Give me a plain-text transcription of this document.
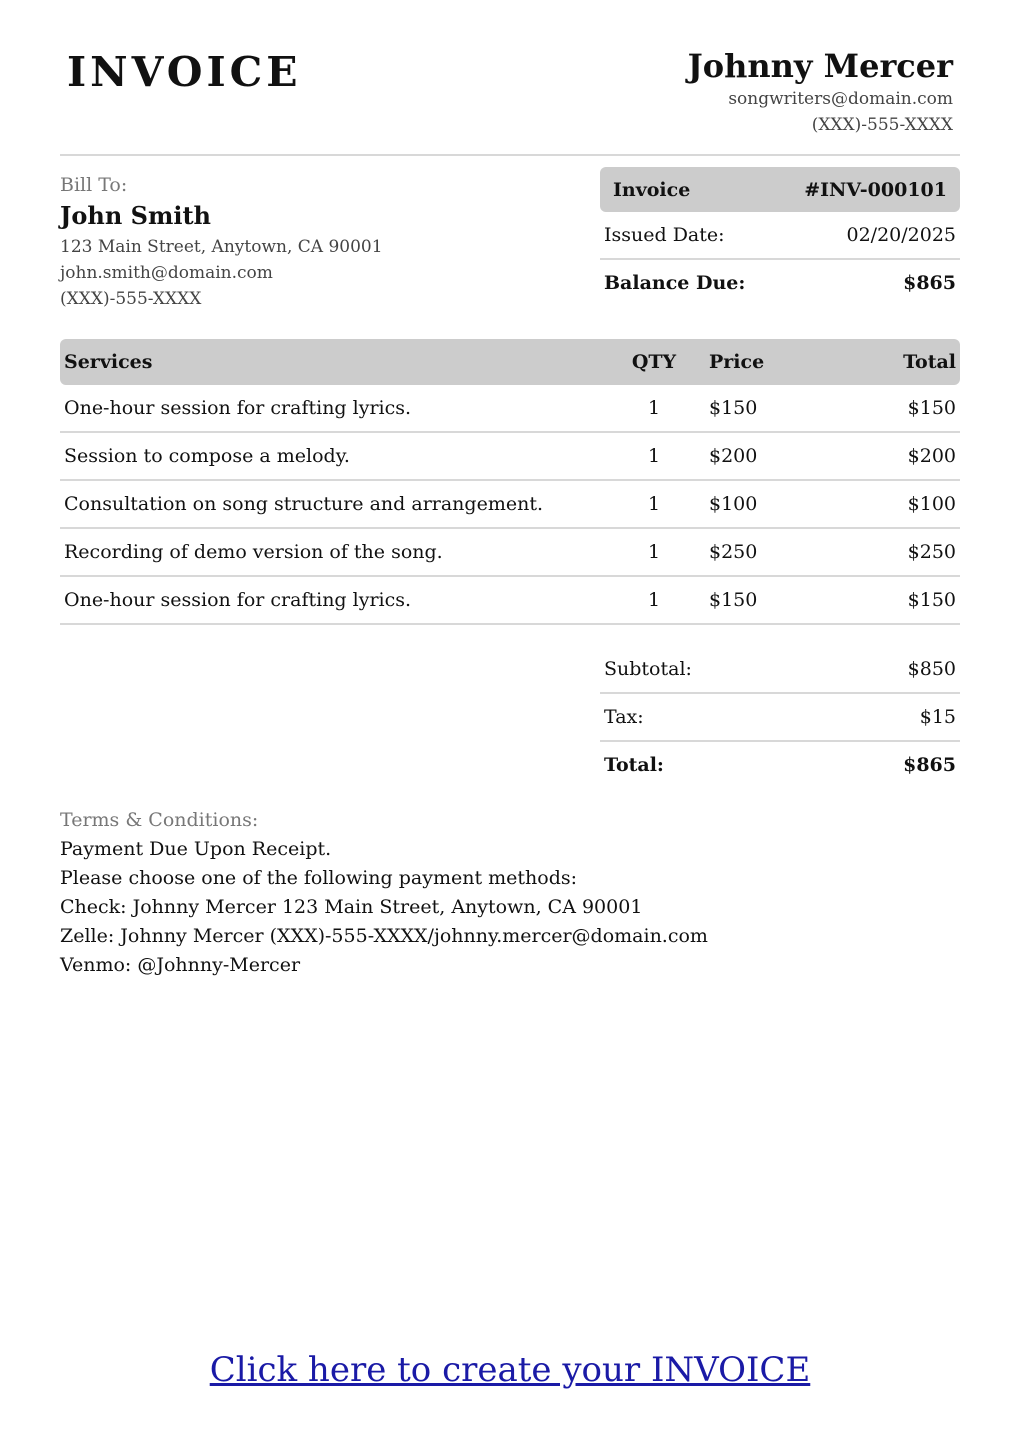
INVOICE	Johnny Mercer
songwriters@domain.com
(XXX)-555-XXXX
Bill To:
John Smith
123 Main Street, Anytown, CA 90001
john.smith@domain.com
(XXX)-555-XXXX
Invoice	#INV-000101
Issued Date:	02/20/2025
Balance Due:	$865
Services	QTY	Price	Total
One-hour session for crafting lyrics.	1	$150	$150
Session to compose a melody.	1	$200	$200
Consultation on song structure and arrangement.	1	$100	$100
Recording of demo version of the song.	1	$250	$250
One-hour session for crafting lyrics.	1	$150	$150
Subtotal:	$850
Tax:	$15
Total:	$865
Terms & Conditions:
Payment Due Upon Receipt.
Please choose one of the following payment methods:
Check: Johnny Mercer 123 Main Street, Anytown, CA 90001
Zelle: Johnny Mercer (XXX)-555-XXXX/johnny.mercer@domain.com
Venmo: @Johnny-Mercer
Click here to create your INVOICE
